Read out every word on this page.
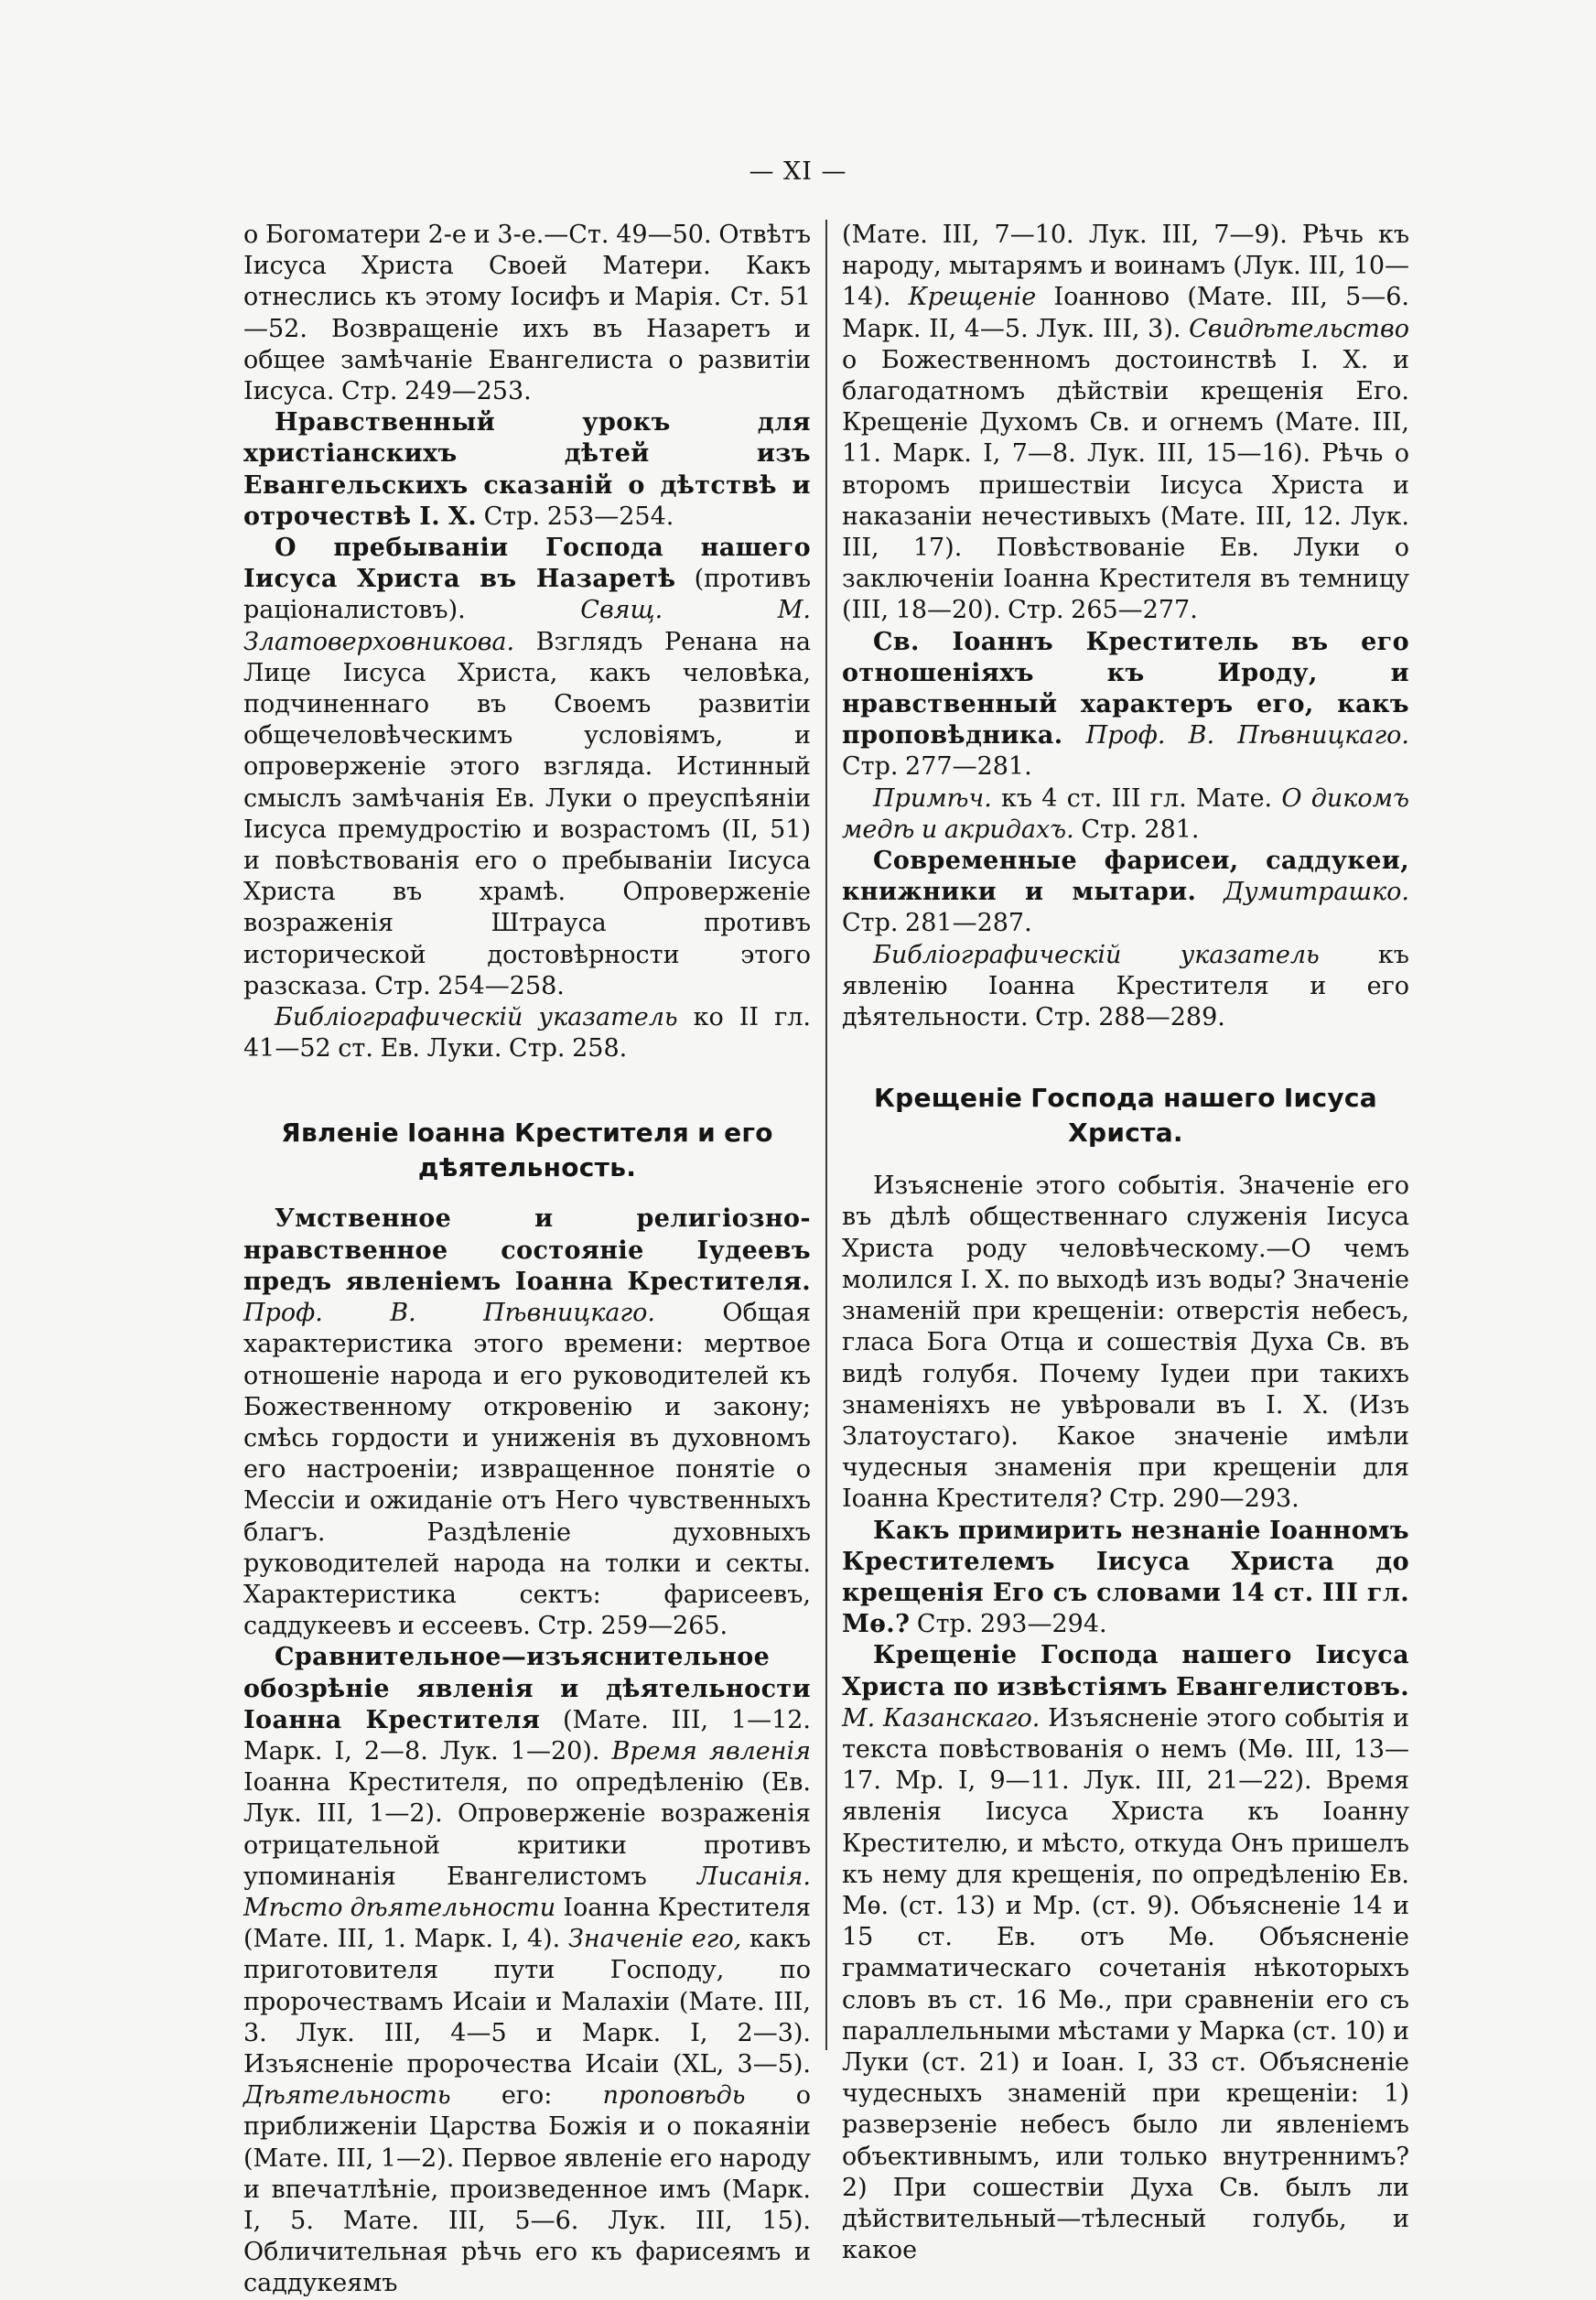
— XI —

о Богоматери 2-е и 3-е.—Ст. 49—50. Отвѣтъ Іисуса Христа Своей Матери. Какъ отнеслись къ этому Іосифъ и Марія. Ст. 51—52. Возвращеніе ихъ въ Назаретъ и общее замѣчаніе Евангелиста о развитіи Іисуса. Стр. 249—253.

Нравственный урокъ для христіанскихъ дѣтей изъ Евангельскихъ сказаній о дѣтствѣ и отрочествѣ І. Х. Стр. 253—254.

О пребываніи Господа нашего Іисуса Христа въ Назаретѣ (противъ раціоналистовъ). Свящ. М. Златоверховникова. Взглядъ Ренана на Лице Іисуса Христа, какъ человѣка, подчиненнаго въ Своемъ развитіи общечеловѣческимъ условіямъ, и опроверженіе этого взгляда. Истинный смыслъ замѣчанія Ев. Луки о преуспѣяніи Іисуса премудростію и возрастомъ (II, 51) и повѣствованія его о пребываніи Іисуса Христа въ храмѣ. Опроверженіе возраженія Штрауса противъ исторической достовѣрности этого разсказа. Стр. 254—258.

Библіографическій указатель ко II гл. 41—52 ст. Ев. Луки. Стр. 258.

Явленіе Іоанна Крестителя и его дѣятельность.

Умственное и религіозно-нравственное состояніе Іудеевъ предъ явленіемъ Іоанна Крестителя. Проф. В. Пѣвницкаго. Общая характеристика этого времени: мертвое отношеніе народа и его руководителей къ Божественному откровенію и закону; смѣсь гордости и униженія въ духовномъ его настроеніи; извращенное понятіе о Мессіи и ожиданіе отъ Него чувственныхъ благъ. Раздѣленіе духовныхъ руководителей народа на толки и секты. Характеристика сектъ: фарисеевъ, саддукеевъ и ессеевъ. Стр. 259—265.

Сравнительное—изъяснительное обозрѣніе явленія и дѣятельности Іоанна Крестителя (Мате. III, 1—12. Марк. I, 2—8. Лук. 1—20). Время явленія Іоанна Крестителя, по опредѣленію (Ев. Лук. III, 1—2). Опроверженіе возраженія отрицательной критики противъ упоминанія Евангелистомъ Лисанія. Мѣсто дѣятельности Іоанна Крестителя (Мате. III, 1. Марк. I, 4). Значеніе его, какъ приготовителя пути Господу, по пророчествамъ Исаіи и Малахіи (Мате. III, 3. Лук. III, 4—5 и Марк. I, 2—3). Изъясненіе пророчества Исаіи (XL, 3—5). Дѣятельность его: проповѣдь о приближеніи Царства Божія и о покаяніи (Мате. III, 1—2). Первое явленіе его народу и впечатлѣніе, произведенное имъ (Марк. I, 5. Мате. III, 5—6. Лук. III, 15). Обличительная рѣчь его къ фарисеямъ и саддукеямъ

(Мате. III, 7—10. Лук. III, 7—9). Рѣчь къ народу, мытарямъ и воинамъ (Лук. III, 10—14). Крещеніе Іоанново (Мате. III, 5—6. Марк. II, 4—5. Лук. III, 3). Свидѣтельство о Божественномъ достоинствѣ I. Х. и благодатномъ дѣйствіи крещенія Его. Крещеніе Духомъ Св. и огнемъ (Мате. III, 11. Марк. I, 7—8. Лук. III, 15—16). Рѣчь о второмъ пришествіи Іисуса Христа и наказаніи нечестивыхъ (Мате. III, 12. Лук. III, 17). Повѣствованіе Ев. Луки о заключеніи Іоанна Крестителя въ темницу (III, 18—20). Стр. 265—277.

Св. Іоаннъ Креститель въ его отношеніяхъ къ Ироду, и нравственный характеръ его, какъ проповѣдника. Проф. В. Пѣвницкаго. Стр. 277—281.

Примѣч. къ 4 ст. III гл. Мате. О дикомъ медѣ и акридахъ. Стр. 281.

Современные фарисеи, саддукеи, книжники и мытари. Думитрашко. Стр. 281—287.

Библіографическій указатель къ явленію Іоанна Крестителя и его дѣятельности. Стр. 288—289.

Крещеніе Господа нашего Іисуса Христа.

Изъясненіе этого событія. Значеніе его въ дѣлѣ общественнаго служенія Іисуса Христа роду человѣческому.—О чемъ молился I. Х. по выходѣ изъ воды? Значеніе знаменій при крещеніи: отверстія небесъ, гласа Бога Отца и сошествія Духа Св. въ видѣ голубя. Почему Іудеи при такихъ знаменіяхъ не увѣровали въ I. Х. (Изъ Златоустаго). Какое значеніе имѣли чудесныя знаменія при крещеніи для Іоанна Крестителя? Стр. 290—293.

Какъ примирить незнаніе Іоанномъ Крестителемъ Іисуса Христа до крещенія Его съ словами 14 ст. III гл. Мѳ.? Стр. 293—294.

Крещеніе Господа нашего Іисуса Христа по извѣстіямъ Евангелистовъ. М. Казанскаго. Изъясненіе этого событія и текста повѣствованія о немъ (Мѳ. III, 13—17. Мр. I, 9—11. Лук. III, 21—22). Время явленія Іисуса Христа къ Іоанну Крестителю, и мѣсто, откуда Онъ пришелъ къ нему для крещенія, по опредѣленію Ев. Мѳ. (ст. 13) и Мр. (ст. 9). Объясненіе 14 и 15 ст. Ев. отъ Мѳ. Объясненіе грамматическаго сочетанія нѣкоторыхъ словъ въ ст. 16 Мѳ., при сравненіи его съ параллельными мѣстами у Марка (ст. 10) и Луки (ст. 21) и Іоан. I, 33 ст. Объясненіе чудесныхъ знаменій при крещеніи: 1) разверзеніе небесъ было ли явленіемъ объективнымъ, или только внутреннимъ? 2) При сошествіи Духа Св. былъ ли дѣйствительный—тѣлесный голубь, и какое
